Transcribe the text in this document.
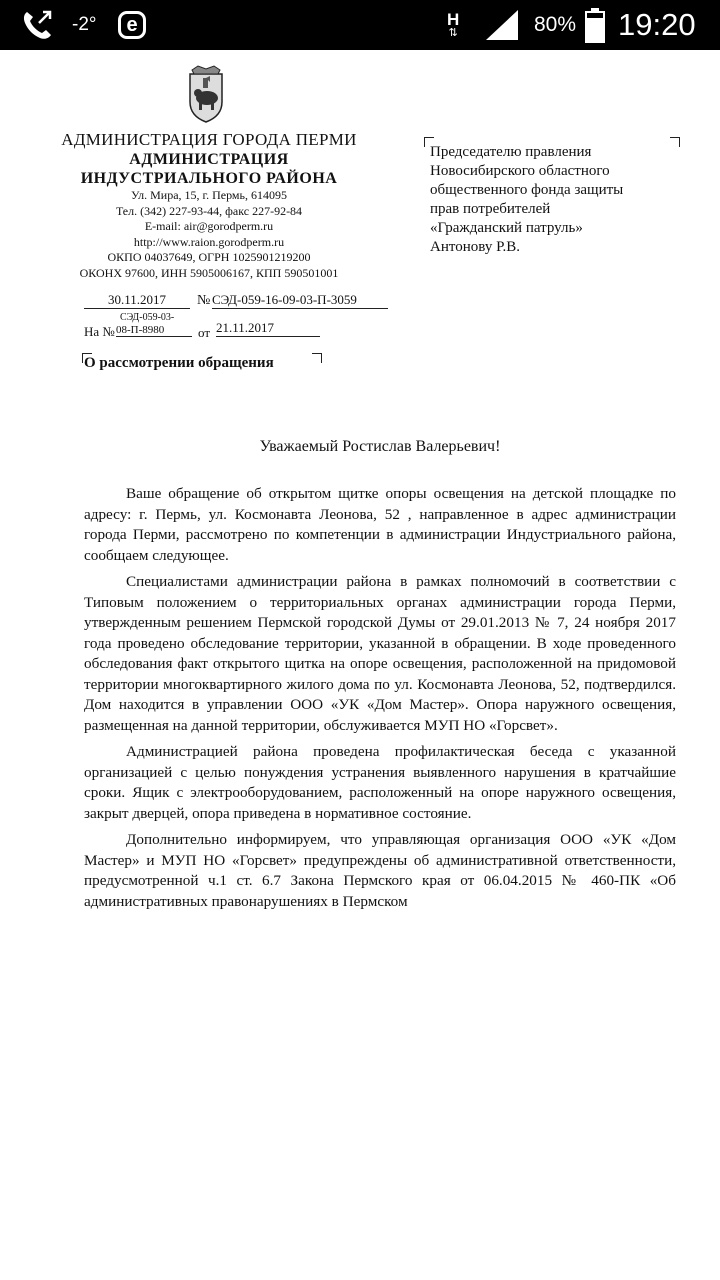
-2°	e	H
⇅	80% 19:20
АДМИНИСТРАЦИЯ ГОРОДА ПЕРМИ
АДМИНИСТРАЦИЯ
ИНДУСТРИАЛЬНОГО РАЙОНА
Ул. Мира, 15, г. Пермь, 614095
Тел. (342) 227-93-44, факс 227-92-84
E-mail: air@gorodperm.ru
http://www.raion.gorodperm.ru
ОКПО 04037649, ОГРН 1025901219200
ОКОНХ 97600, ИНН 5905006167, КПП 590501001
Председателю правления
Новосибирского областного
общественного фонда защиты
прав потребителей
«Гражданский патруль»
Антонову Р.В.
30.11.2017	№ СЭД-059-16-09-03-П-3059
СЭД-059-03-
На № 08-П-8980	от 21.11.2017
О рассмотрении обращения
Уважаемый Ростислав Валерьевич!

Ваше обращение об открытом щитке опоры освещения на детской площадке по адресу: г. Пермь, ул. Космонавта Леонова, 52 , направленное в адрес администрации города Перми, рассмотрено по компетенции в администрации Индустриального района, сообщаем следующее.

Специалистами администрации района в рамках полномочий в соответствии с Типовым положением о территориальных органах администрации города Перми, утвержденным решением Пермской городской Думы от 29.01.2013 № 7, 24 ноября 2017 года проведено обследование территории, указанной в обращении. В ходе проведенного обследования факт открытого щитка на опоре освещения, расположенной на придомовой территории многоквартирного жилого дома по ул. Космонавта Леонова, 52, подтвердился. Дом находится в управлении ООО «УК «Дом Мастер». Опора наружного освещения, размещенная на данной территории, обслуживается МУП НО «Горсвет».

Администрацией района проведена профилактическая беседа с указанной организацией с целью понуждения устранения выявленного нарушения в кратчайшие сроки. Ящик с электрооборудованием, расположенный на опоре наружного освещения, закрыт дверцей, опора приведена в нормативное состояние.

Дополнительно информируем, что управляющая организация ООО «УК «Дом Мастер» и МУП НО «Горсвет» предупреждены об административной ответственности, предусмотренной ч.1 ст. 6.7 Закона Пермского края от 06.04.2015 № 460-ПК «Об административных правонарушениях в Пермском
